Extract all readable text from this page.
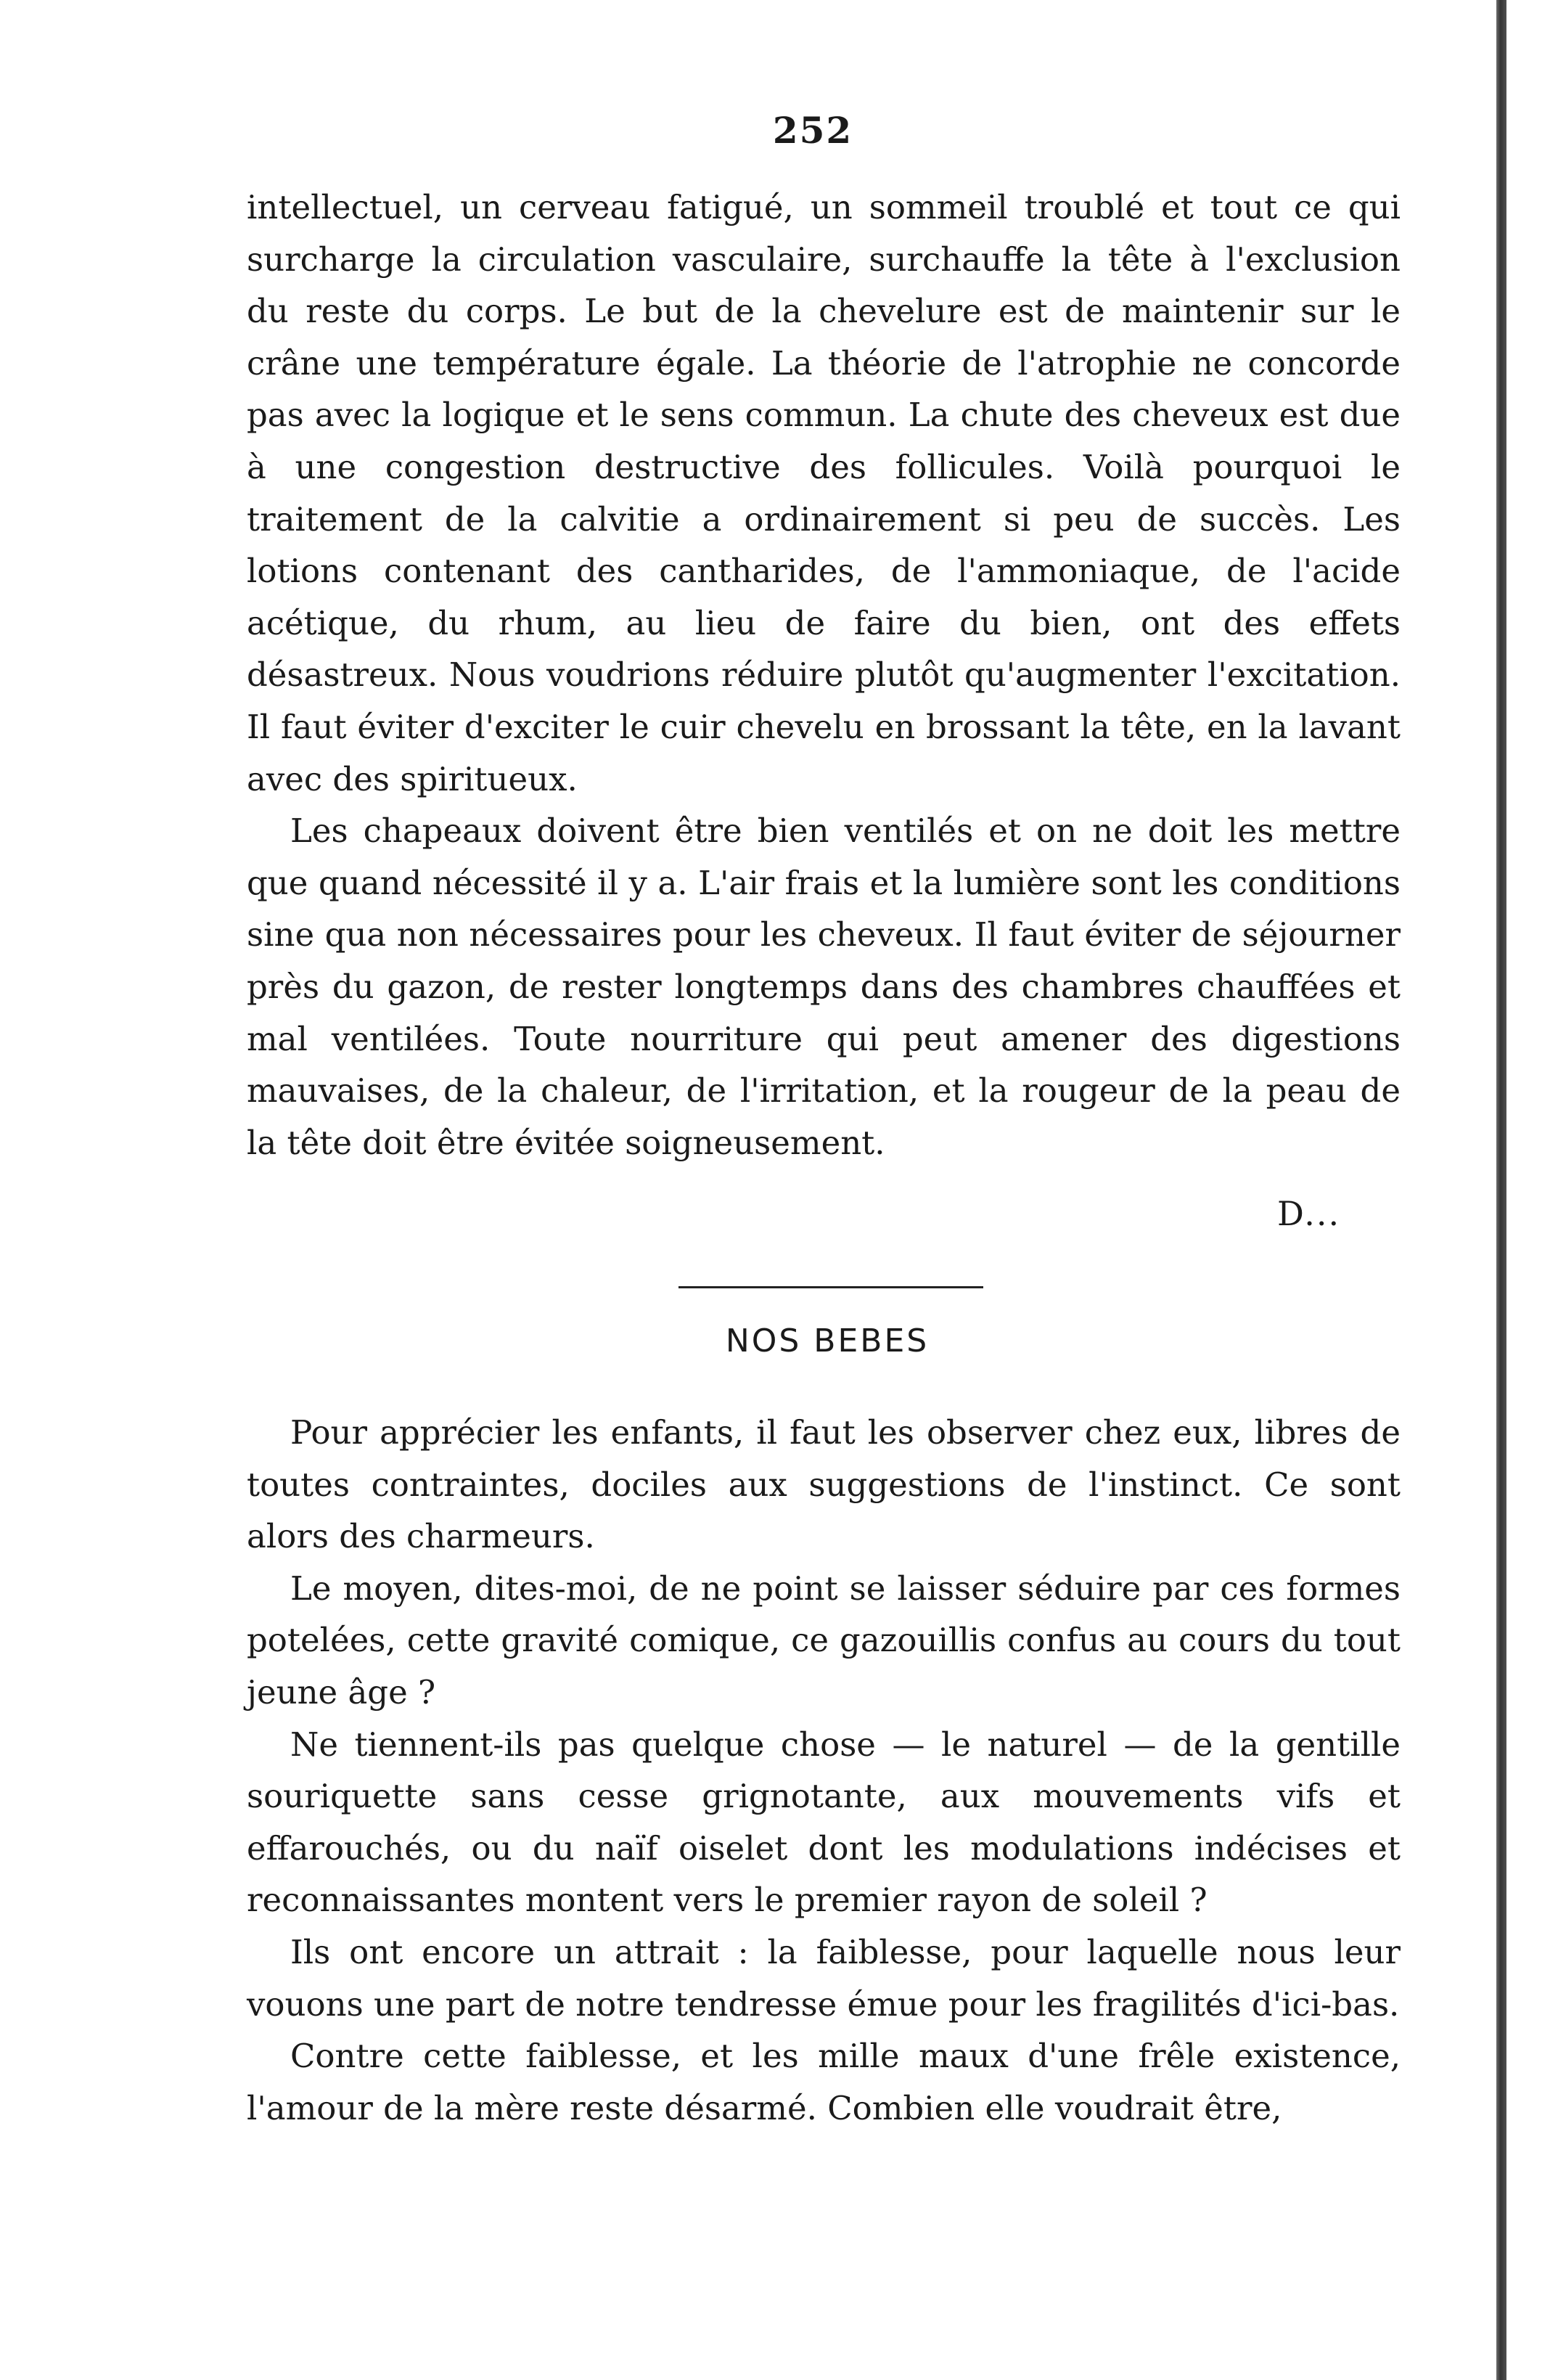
252

intellectuel, un cerveau fatigué, un sommeil troublé et tout ce qui surcharge la circulation vasculaire, surchauffe la tête à l'exclusion du reste du corps. Le but de la chevelure est de maintenir sur le crâne une température égale. La théorie de l'atrophie ne concorde pas avec la logique et le sens commun. La chute des cheveux est due à une congestion destructive des follicules. Voilà pourquoi le traitement de la calvitie a ordinairement si peu de succès. Les lotions contenant des cantharides, de l'ammoniaque, de l'acide acétique, du rhum, au lieu de faire du bien, ont des effets désastreux. Nous voudrions réduire plutôt qu'augmenter l'excitation. Il faut éviter d'exciter le cuir chevelu en brossant la tête, en la lavant avec des spiritueux.

Les chapeaux doivent être bien ventilés et on ne doit les mettre que quand nécessité il y a. L'air frais et la lumière sont les conditions sine qua non nécessaires pour les cheveux. Il faut éviter de séjourner près du gazon, de rester longtemps dans des chambres chauffées et mal ventilées. Toute nourriture qui peut amener des digestions mauvaises, de la chaleur, de l'irritation, et la rougeur de la peau de la tête doit être évitée soigneusement.

D...
NOS BEBES

Pour apprécier les enfants, il faut les observer chez eux, libres de toutes contraintes, dociles aux suggestions de l'instinct. Ce sont alors des charmeurs.

Le moyen, dites-moi, de ne point se laisser séduire par ces formes potelées, cette gravité comique, ce gazouillis confus au cours du tout jeune âge ?

Ne tiennent-ils pas quelque chose — le naturel — de la gentille souriquette sans cesse grignotante, aux mouvements vifs et effarouchés, ou du naïf oiselet dont les modulations indécises et reconnaissantes montent vers le premier rayon de soleil ?

Ils ont encore un attrait : la faiblesse, pour laquelle nous leur vouons une part de notre tendresse émue pour les fragilités d'ici-bas.

Contre cette faiblesse, et les mille maux d'une frêle existence, l'amour de la mère reste désarmé. Combien elle voudrait être,
